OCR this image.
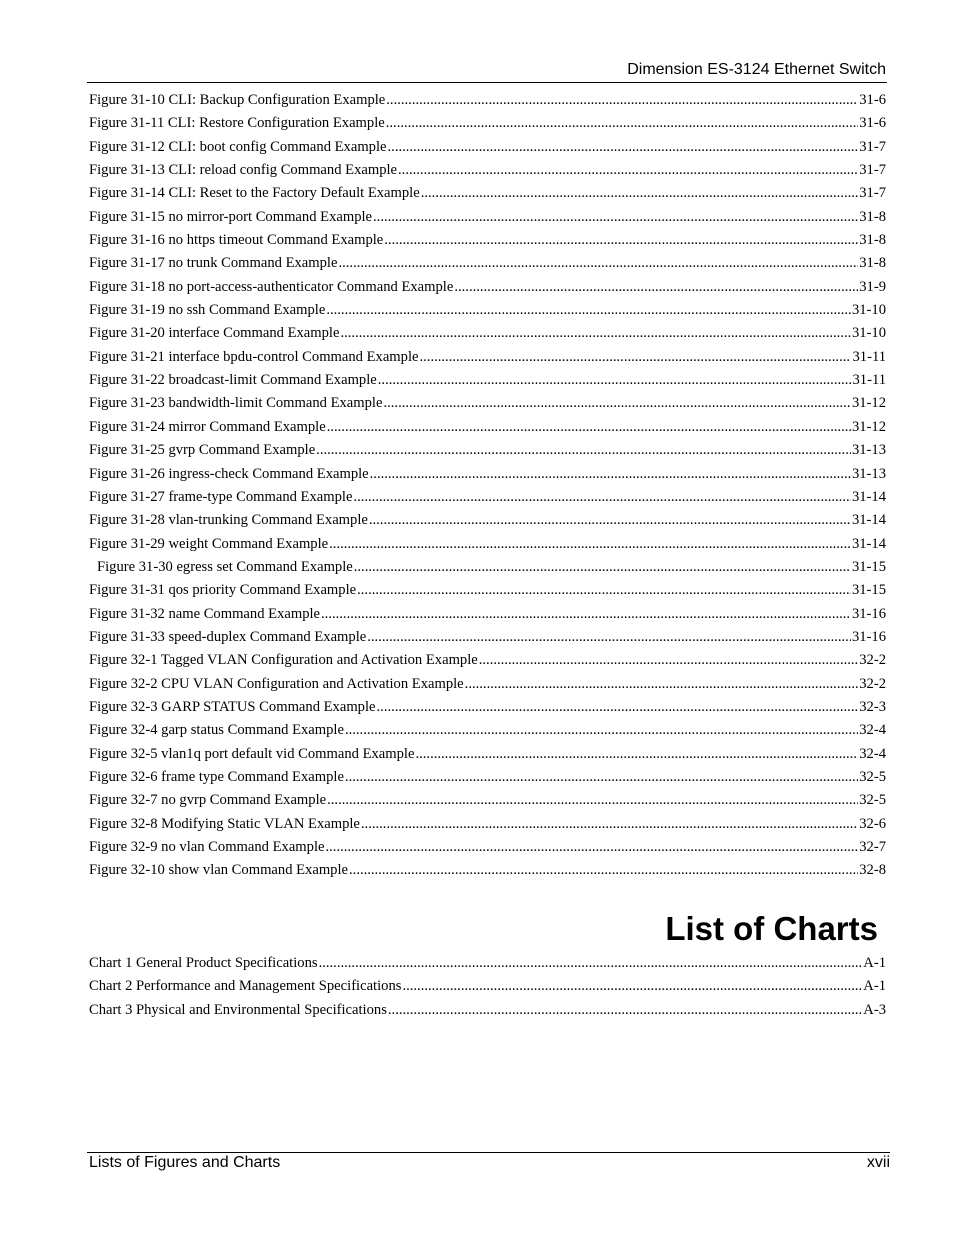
Dimension ES-3124 Ethernet Switch
Figure 31-10 CLI: Backup Configuration Example .....	31-6
Figure 31-11 CLI: Restore Configuration Example .....	31-6
Figure 31-12 CLI: boot config Command Example .....	31-7
Figure 31-13 CLI: reload config Command Example .....	31-7
Figure 31-14 CLI: Reset to the Factory Default Example .....	31-7
Figure 31-15 no mirror-port Command Example .....	31-8
Figure 31-16 no https timeout Command Example .....	31-8
Figure 31-17 no trunk Command Example .....	31-8
Figure 31-18 no port-access-authenticator Command Example .....	31-9
Figure 31-19 no ssh Command Example .....	31-10
Figure 31-20 interface Command Example .....	31-10
Figure 31-21 interface bpdu-control Command Example .....	31-11
Figure 31-22 broadcast-limit Command Example .....	31-11
Figure 31-23 bandwidth-limit Command Example .....	31-12
Figure 31-24 mirror Command Example .....	31-12
Figure 31-25 gvrp Command Example .....	31-13
Figure 31-26 ingress-check Command Example .....	31-13
Figure 31-27 frame-type Command Example .....	31-14
Figure 31-28 vlan-trunking Command Example .....	31-14
Figure 31-29 weight Command Example .....	31-14
Figure 31-30 egress set Command Example .....	31-15
Figure 31-31 qos priority Command Example .....	31-15
Figure 31-32 name Command Example .....	31-16
Figure 31-33 speed-duplex Command Example .....	31-16
Figure 32-1 Tagged VLAN Configuration and Activation Example .....	32-2
Figure 32-2 CPU VLAN Configuration and Activation Example .....	32-2
Figure 32-3 GARP STATUS Command Example .....	32-3
Figure 32-4 garp status Command Example .....	32-4
Figure 32-5 vlan1q port default vid Command Example .....	32-4
Figure 32-6 frame type Command Example .....	32-5
Figure 32-7 no gvrp Command Example .....	32-5
Figure 32-8 Modifying Static VLAN Example .....	32-6
Figure 32-9 no vlan Command Example .....	32-7
Figure 32-10 show vlan Command Example .....	32-8
List of Charts
Chart 1 General Product Specifications .....	A-1
Chart 2 Performance and Management Specifications .....	A-1
Chart 3 Physical and Environmental Specifications .....	A-3
Lists of Figures and Charts	xvii
